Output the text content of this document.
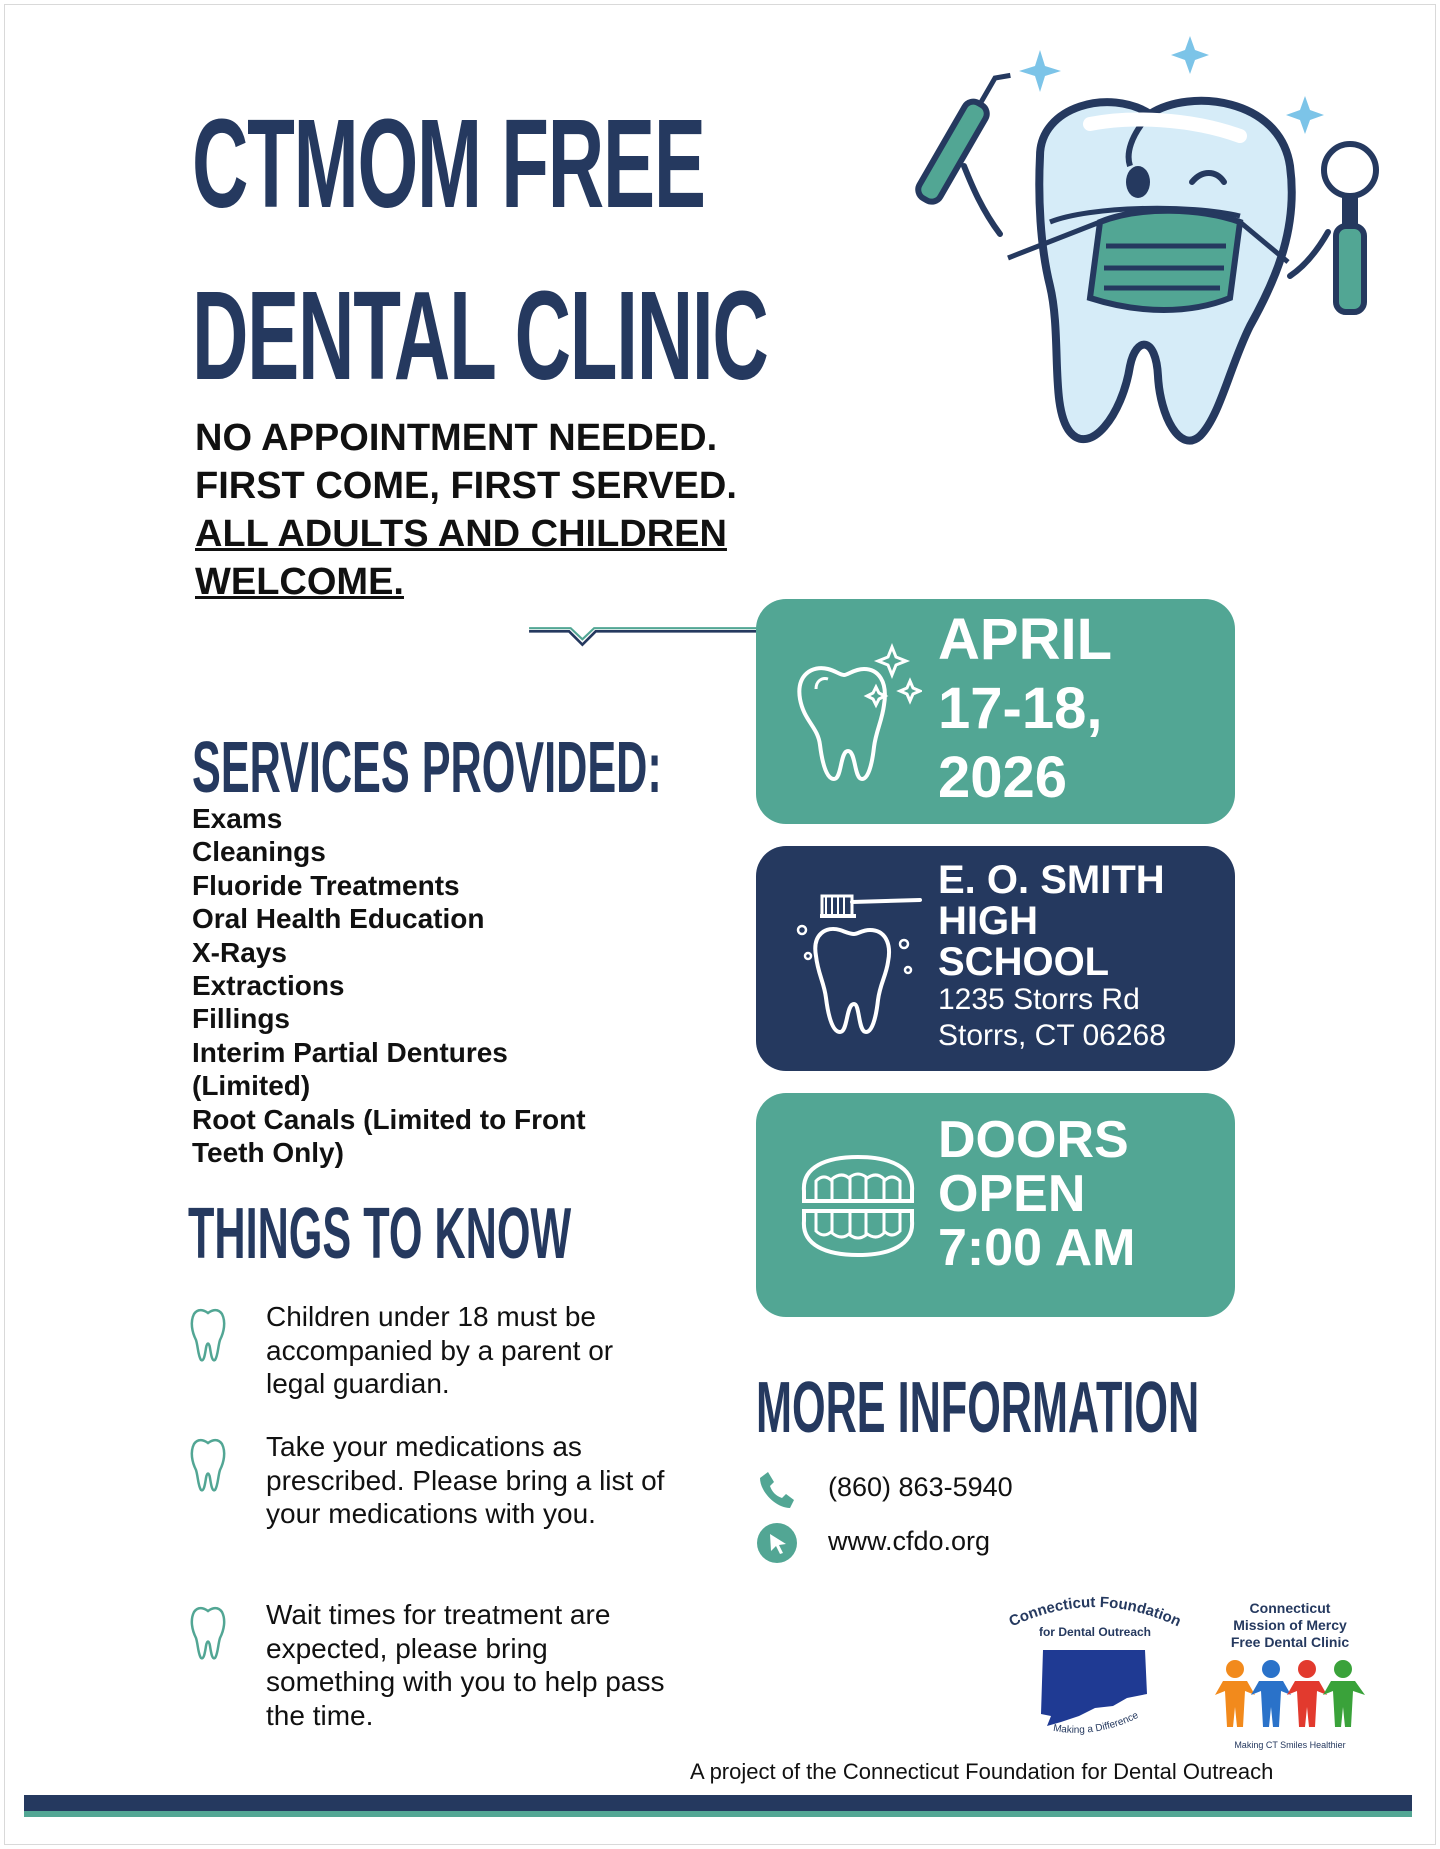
CTMOM FREE
DENTAL CLINIC
NO APPOINTMENT NEEDED.
FIRST COME, FIRST SERVED.
ALL ADULTS AND CHILDREN
WELCOME.
SERVICES PROVIDED:
Exams
Cleanings
Fluoride Treatments
Oral Health Education
X-Rays
Extractions
Fillings
Interim Partial Dentures
(Limited)
Root Canals (Limited to Front
Teeth Only)
THINGS TO KNOW
Children under 18 must be accompanied by a parent or legal guardian.
Take your medications as prescribed. Please bring a list of your medications with you.
Wait times for treatment are expected, please bring something with you to help pass the time.
APRIL
17-18,
2026
E. O. SMITH
HIGH
SCHOOL
1235 Storrs Rd
Storrs, CT 06268
DOORS
OPEN
7:00 AM
MORE INFORMATION
(860) 863-5940
www.cfdo.org
Connecticut Foundation
for Dental Outreach
Making a Difference
Connecticut
Mission of Mercy
Free Dental Clinic
Making CT Smiles Healthier
A project of the Connecticut Foundation for Dental Outreach
